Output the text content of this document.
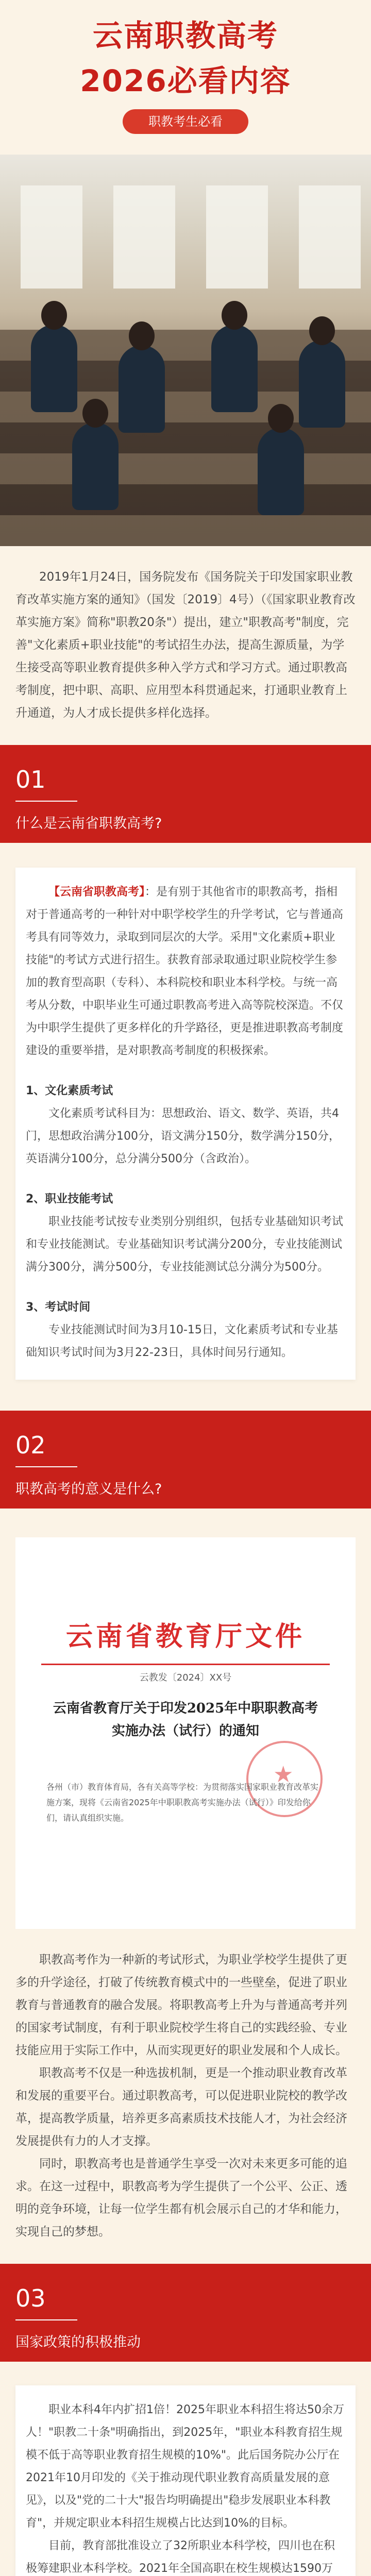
云南职教高考
2026必看内容
职教考生必看

2019年1月24日，国务院发布《国务院关于印发国家职业教育改革实施方案的通知》（国发〔2019〕4号）（《国家职业教育改革实施方案》简称"职教20条"）提出，建立"职教高考"制度，完善"文化素质+职业技能"的考试招生办法，提高生源质量，为学生接受高等职业教育提供多种入学方式和学习方式。通过职教高考制度，把中职、高职、应用型本科贯通起来，打通职业教育上升通道，为人才成长提供多样化选择。

01
什么是云南省职教高考?

【云南省职教高考】：是有别于其他省市的职教高考，指相对于普通高考的一种针对中职学校学生的升学考试，它与普通高考具有同等效力，录取到同层次的大学。采用"文化素质+职业技能"的考试方式进行招生。获教育部录取通过职业院校学生参加的教育型高职（专科）、本科院校和职业本科学校。与统一高考从分数，中职毕业生可通过职教高考进入高等院校深造。不仅为中职学生提供了更多样化的升学路径，更是推进职教高考制度建设的重要举措，是对职教高考制度的积极探索。

1、文化素质考试

文化素质考试科目为：思想政治、语文、数学、英语，共4门，思想政治满分100分，语文满分150分，数学满分150分，英语满分100分，总分满分500分（含政治）。

2、职业技能考试

职业技能考试按专业类别分别组织，包括专业基础知识考试和专业技能测试。专业基础知识考试满分200分，专业技能测试满分300分，满分500分，专业技能测试总分满分为500分。

3、考试时间

专业技能测试时间为3月10-15日，文化素质考试和专业基础知识考试时间为3月22-23日，具体时间另行通知。

02
职教高考的意义是什么?
云南省教育厅文件
云教发〔2024〕XX号
云南省教育厅关于印发2025年中职职教高考实施办法（试行）的通知
★
各州（市）教育体育局，各有关高等学校：为贯彻落实国家职业教育改革实施方案，现将《云南省2025年中职职教高考实施办法（试行）》印发给你们，请认真组织实施。

职教高考作为一种新的考试形式，为职业学校学生提供了更多的升学途径，打破了传统教育模式中的一些壁垒，促进了职业教育与普通教育的融合发展。将职教高考上升为与普通高考并列的国家考试制度，有利于职业院校学生将自己的实践经验、专业技能应用于实际工作中，从而实现更好的职业发展和个人成长。

职教高考不仅是一种选拔机制，更是一个推动职业教育改革和发展的重要平台。通过职教高考，可以促进职业院校的教学改革，提高教学质量，培养更多高素质技术技能人才，为社会经济发展提供有力的人才支撑。

同时，职教高考也是普通学生享受一次对未来更多可能的追求。在这一过程中，职教高考为学生提供了一个公平、公正、透明的竞争环境，让每一位学生都有机会展示自己的才华和能力，实现自己的梦想。

03
国家政策的积极推动

职业本科4年内扩招1倍！2025年职业本科招生将达50余万人！"职教二十条"明确指出，到2025年，"职业本科教育招生规模不低于高等职业教育招生规模的10%"。此后国务院办公厅在2021年10月印发的《关于推动现代职业教育高质量发展的意见》，以及"党的二十大"报告均明确提出"稳步发展职业本科教育"，并规定职业本科招生规模占比达到10%的目标。

目前，教育部批准设立了32所职业本科学校，四川也在积极筹建职业本科学校。2021年全国高职在校生规模达1590万
